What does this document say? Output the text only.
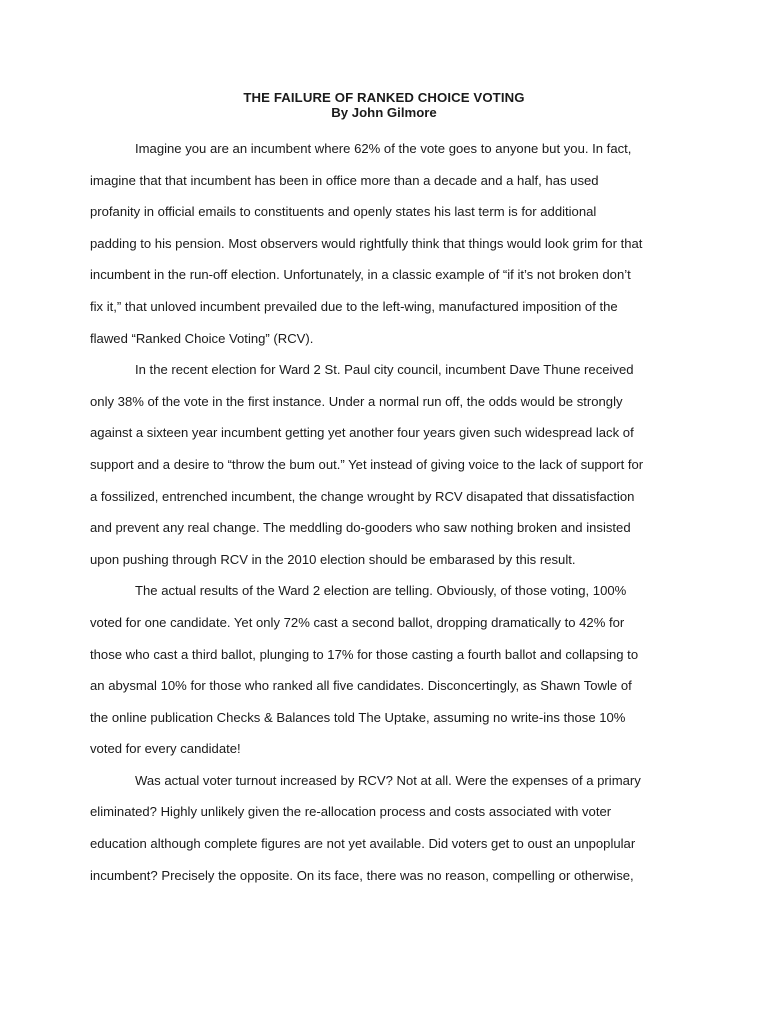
THE FAILURE OF RANKED CHOICE VOTING
By John Gilmore

Imagine you are an incumbent where 62% of the vote goes to anyone but you. In fact,
imagine that that incumbent has been in office more than a decade and a half, has used
profanity in official emails to constituents and openly states his last term is for additional
padding to his pension. Most observers would rightfully think that things would look grim for that
incumbent in the run-off election. Unfortunately, in a classic example of “if it’s not broken don’t
fix it,” that unloved incumbent prevailed due to the left-wing, manufactured imposition of the
flawed “Ranked Choice Voting” (RCV).

In the recent election for Ward 2 St. Paul city council, incumbent Dave Thune received
only 38% of the vote in the first instance. Under a normal run off, the odds would be strongly
against a sixteen year incumbent getting yet another four years given such widespread lack of
support and a desire to “throw the bum out.” Yet instead of giving voice to the lack of support for
a fossilized, entrenched incumbent, the change wrought by RCV disapated that dissatisfaction
and prevent any real change. The meddling do-gooders who saw nothing broken and insisted
upon pushing through RCV in the 2010 election should be embarased by this result.

The actual results of the Ward 2 election are telling. Obviously, of those voting, 100%
voted for one candidate. Yet only 72% cast a second ballot, dropping dramatically to 42% for
those who cast a third ballot, plunging to 17% for those casting a fourth ballot and collapsing to
an abysmal 10% for those who ranked all five candidates. Disconcertingly, as Shawn Towle of
the online publication Checks & Balances told The Uptake, assuming no write-ins those 10%
voted for every candidate!

Was actual voter turnout increased by RCV? Not at all. Were the expenses of a primary
eliminated? Highly unlikely given the re-allocation process and costs associated with voter
education although complete figures are not yet available. Did voters get to oust an unpoplular
incumbent? Precisely the opposite. On its face, there was no reason, compelling or otherwise,
